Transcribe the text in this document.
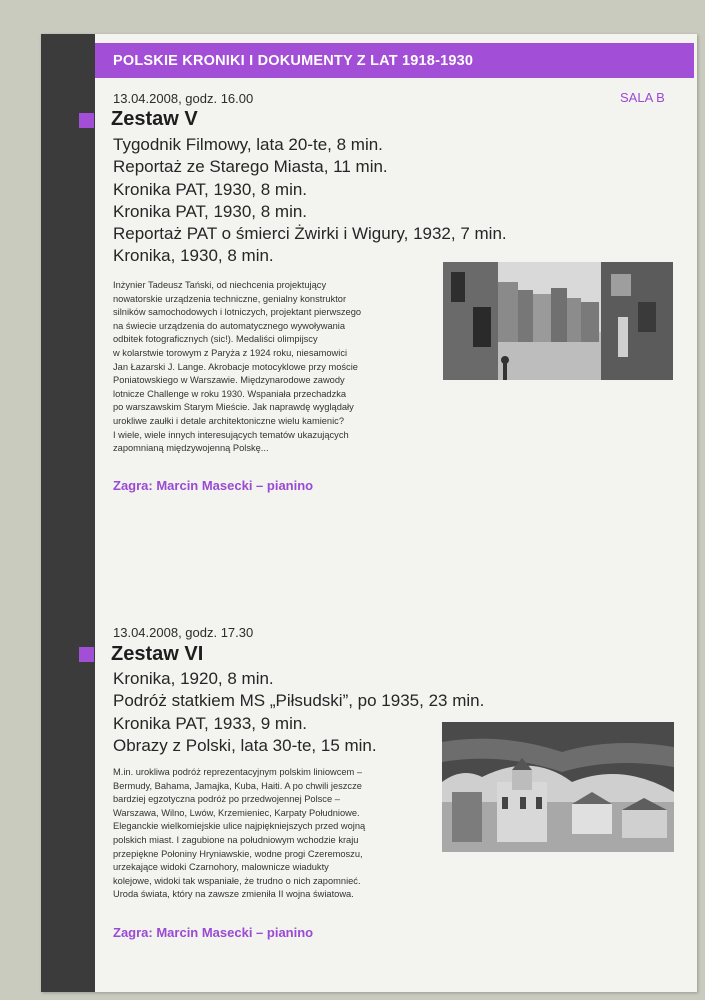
POLSKIE KRONIKI I DOKUMENTY Z LAT 1918-1930
SALA B
13.04.2008, godz. 16.00
Zestaw V
Tygodnik Filmowy, lata 20-te, 8 min.
Reportaż ze Starego Miasta, 11 min.
Kronika PAT, 1930, 8 min.
Kronika PAT, 1930, 8 min.
Reportaż PAT o śmierci Żwirki i Wigury, 1932, 7 min.
Kronika, 1930, 8 min.
Inżynier Tadeusz Tański, od niechcenia projektujący
nowatorskie urządzenia techniczne, genialny konstruktor
silników samochodowych i lotniczych, projektant pierwszego
na świecie urządzenia do automatycznego wywoływania
odbitek fotograficznych (sic!). Medaliści olimpijscy
w kolarstwie torowym z Paryża z 1924 roku, niesamowici
Jan Łazarski J. Lange. Akrobacje motocyklowe przy moście
Poniatowskiego w Warszawie. Międzynarodowe zawody
lotnicze Challenge w roku 1930. Wspaniała przechadzka
po warszawskim Starym Mieście. Jak naprawdę wyglądały
urokliwe zaułki i detale architektoniczne wielu kamienic?
I wiele, wiele innych interesujących tematów ukazujących
zapomnianą międzywojenną Polskę...
Zagra: Marcin Masecki – pianino
13.04.2008, godz. 17.30
Zestaw VI
Kronika, 1920, 8 min.
Podróż statkiem MS „Piłsudski”, po 1935, 23 min.
Kronika PAT, 1933, 9 min.
Obrazy z Polski, lata 30-te, 15 min.
M.in. urokliwa podróż reprezentacyjnym polskim liniowcem –
Bermudy, Bahama, Jamajka, Kuba, Haiti. A po chwili jeszcze
bardziej egzotyczna podróż po przedwojennej Polsce –
Warszawa, Wilno, Lwów, Krzemieniec, Karpaty Południowe.
Eleganckie wielkomiejskie ulice najpiękniejszych przed wojną
polskich miast. I zagubione na południowym wchodzie kraju
przepiękne Połoniny Hryniawskie, wodne progi Czeremoszu,
urzekające widoki Czarnohory, malownicze wiadukty
kolejowe, widoki tak wspaniałe, że trudno o nich zapomnieć.
Uroda świata, który na zawsze zmieniła II wojna światowa.
Zagra: Marcin Masecki – pianino
